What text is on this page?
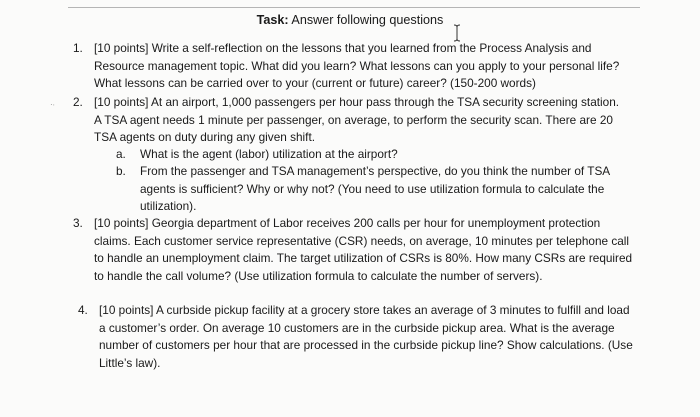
Task: Answer following questions
·∙
1. [10 points] Write a self-reflection on the lessons that you learned from the Process Analysis and
Resource management topic. What did you learn? What lessons can you apply to your personal life?
What lessons can be carried over to your (current or future) career? (150-200 words)
2. [10 points] At an airport, 1,000 passengers per hour pass through the TSA security screening station.
A TSA agent needs 1 minute per passenger, on average, to perform the security scan. There are 20
TSA agents on duty during any given shift.
a. What is the agent (labor) utilization at the airport?
b. From the passenger and TSA management’s perspective, do you think the number of TSA
agents is sufficient? Why or why not? (You need to use utilization formula to calculate the
utilization).
3. [10 points] Georgia department of Labor receives 200 calls per hour for unemployment protection
claims. Each customer service representative (CSR) needs, on average, 10 minutes per telephone call
to handle an unemployment claim. The target utilization of CSRs is 80%. How many CSRs are required
to handle the call volume? (Use utilization formula to calculate the number of servers).
4. [10 points] A curbside pickup facility at a grocery store takes an average of 3 minutes to fulfill and load
a customer’s order. On average 10 customers are in the curbside pickup area. What is the average
number of customers per hour that are processed in the curbside pickup line? Show calculations. (Use
Little’s law).
